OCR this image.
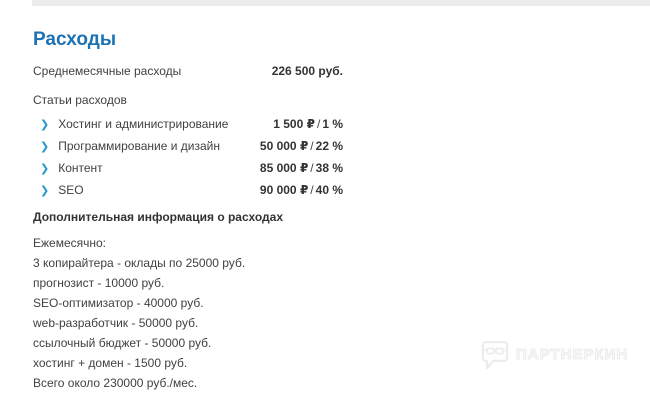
Расходы
Среднемесячные расходы	226 500 руб.
Статьи расходов
❯ Хостинг и администрирование	1 500 ₽ / 1 %
❯ Программирование и дизайн	50 000 ₽ / 22 %
❯ Контент	85 000 ₽ / 38 %
❯ SEO	90 000 ₽ / 40 %
Дополнительная информация о расходах

Ежемесячно:

3 копирайтера - оклады по 25000 руб.

прогнозист - 10000 руб.

SEO-оптимизатор - 40000 руб.

web-разработчик - 50000 руб.

ссылочный бюджет - 50000 руб.

хостинг + домен - 1500 руб.

Всего около 230000 руб./мес.

ПАРТНЕРКИН
